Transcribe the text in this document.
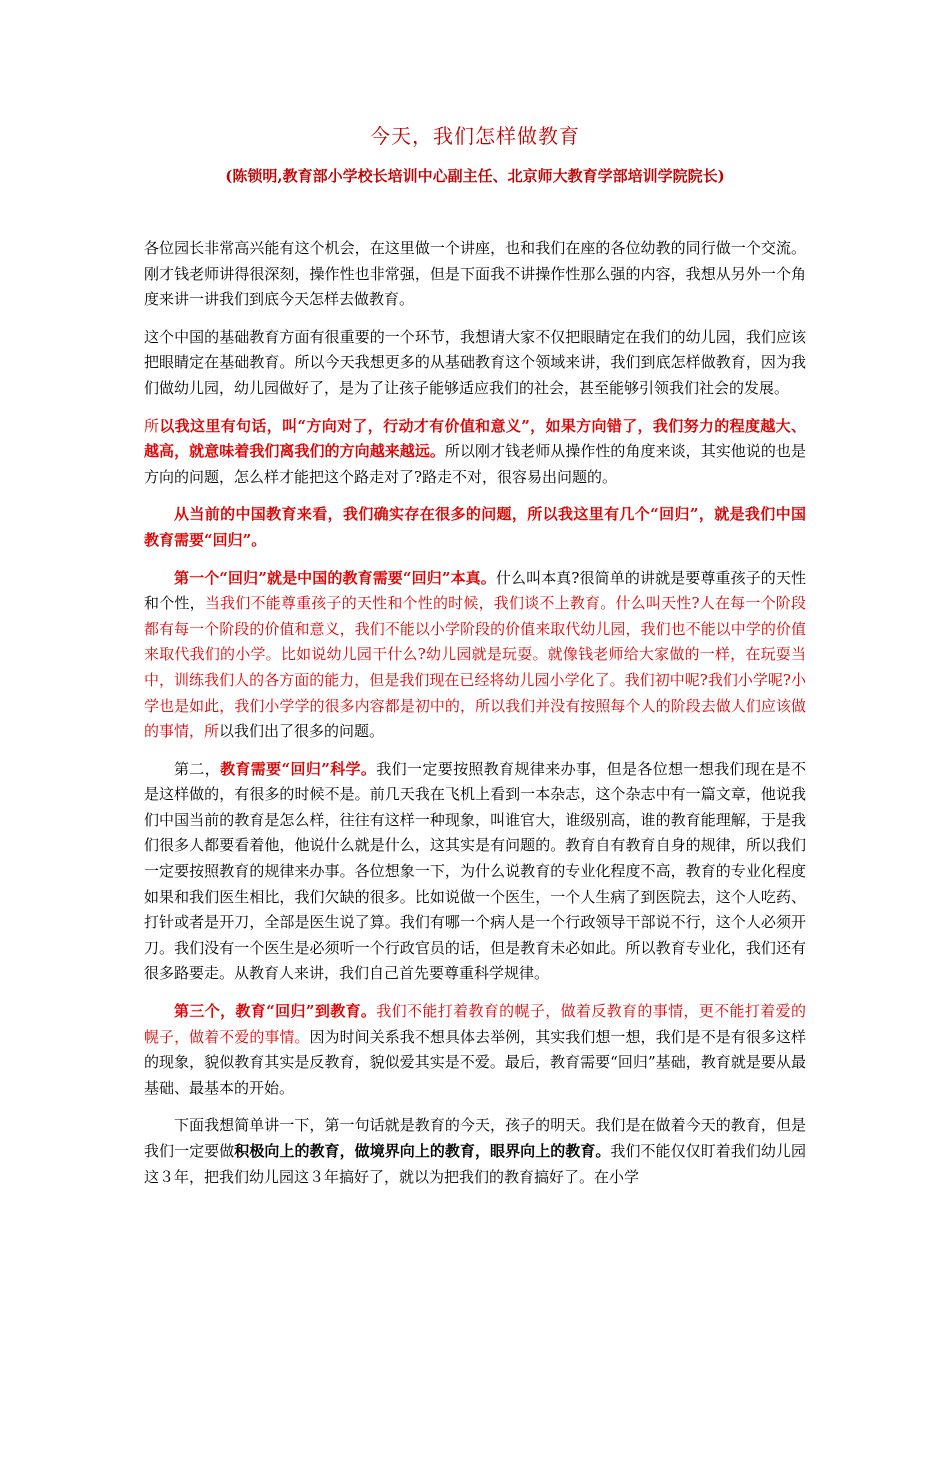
今天，我们怎样做教育
(陈锁明,教育部小学校长培训中心副主任、北京师大教育学部培训学院院长)

各位园长非常高兴能有这个机会，在这里做一个讲座，也和我们在座的各位幼教的同行做一个交流。刚才钱老师讲得很深刻，操作性也非常强，但是下面我不讲操作性那么强的内容，我想从另外一个角度来讲一讲我们到底今天怎样去做教育。

这个中国的基础教育方面有很重要的一个环节，我想请大家不仅把眼睛定在我们的幼儿园，我们应该把眼睛定在基础教育。所以今天我想更多的从基础教育这个领域来讲，我们到底怎样做教育，因为我们做幼儿园，幼儿园做好了，是为了让孩子能够适应我们的社会，甚至能够引领我们社会的发展。

所以我这里有句话，叫“方向对了，行动才有价值和意义”，如果方向错了，我们努力的程度越大、越高，就意味着我们离我们的方向越来越远。所以刚才钱老师从操作性的角度来谈，其实他说的也是方向的问题，怎么样才能把这个路走对了?路走不对，很容易出问题的。

从当前的中国教育来看，我们确实存在很多的问题，所以我这里有几个“回归”，就是我们中国教育需要“回归”。

第一个“回归”就是中国的教育需要“回归”本真。什么叫本真?很简单的讲就是要尊重孩子的天性和个性，当我们不能尊重孩子的天性和个性的时候，我们谈不上教育。什么叫天性?人在每一个阶段都有每一个阶段的价值和意义，我们不能以小学阶段的价值来取代幼儿园，我们也不能以中学的价值来取代我们的小学。比如说幼儿园干什么?幼儿园就是玩耍。就像钱老师给大家做的一样，在玩耍当中，训练我们人的各方面的能力，但是我们现在已经将幼儿园小学化了。我们初中呢?我们小学呢?小学也是如此，我们小学学的很多内容都是初中的，所以我们并没有按照每个人的阶段去做人们应该做的事情，所以我们出了很多的问题。

第二，教育需要“回归”科学。我们一定要按照教育规律来办事，但是各位想一想我们现在是不是这样做的，有很多的时候不是。前几天我在飞机上看到一本杂志，这个杂志中有一篇文章，他说我们中国当前的教育是怎么样，往往有这样一种现象，叫谁官大，谁级别高，谁的教育能理解，于是我们很多人都要看着他，他说什么就是什么，这其实是有问题的。教育自有教育自身的规律，所以我们一定要按照教育的规律来办事。各位想象一下，为什么说教育的专业化程度不高，教育的专业化程度如果和我们医生相比，我们欠缺的很多。比如说做一个医生，一个人生病了到医院去，这个人吃药、打针或者是开刀，全部是医生说了算。我们有哪一个病人是一个行政领导干部说不行，这个人必须开刀。我们没有一个医生是必须听一个行政官员的话，但是教育未必如此。所以教育专业化，我们还有很多路要走。从教育人来讲，我们自己首先要尊重科学规律。

第三个，教育“回归”到教育。我们不能打着教育的幌子，做着反教育的事情，更不能打着爱的幌子，做着不爱的事情。因为时间关系我不想具体去举例，其实我们想一想，我们是不是有很多这样的现象，貌似教育其实是反教育，貌似爱其实是不爱。最后，教育需要“回归”基础，教育就是要从最基础、最基本的开始。

下面我想简单讲一下，第一句话就是教育的今天，孩子的明天。我们是在做着今天的教育，但是我们一定要做积极向上的教育，做境界向上的教育，眼界向上的教育。我们不能仅仅盯着我们幼儿园这３年，把我们幼儿园这３年搞好了，就以为把我们的教育搞好了。在小学
